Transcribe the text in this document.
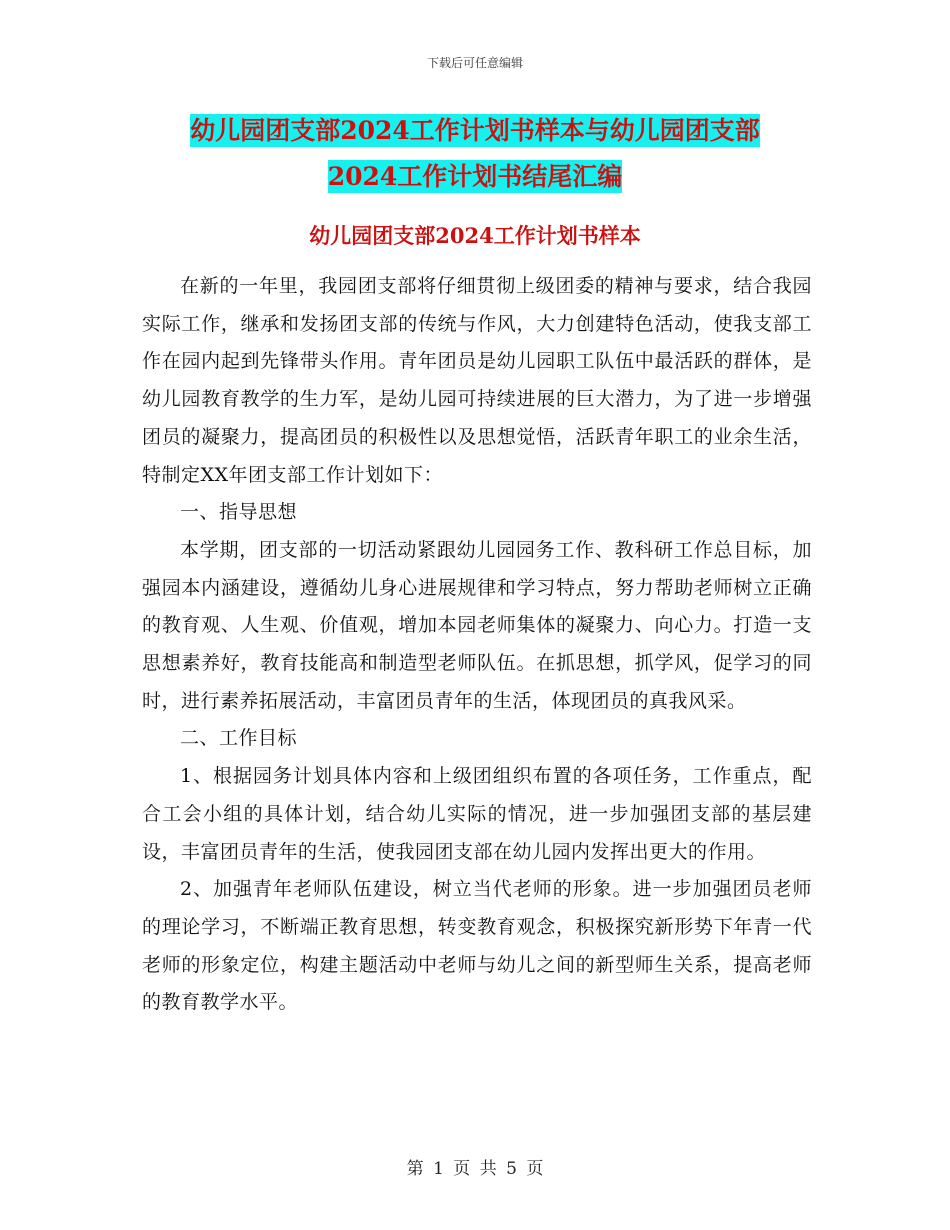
下载后可任意编辑
幼儿园团支部2024工作计划书样本与幼儿园团支部
2024工作计划书结尾汇编
幼儿园团支部2024工作计划书样本

在新的一年里，我园团支部将仔细贯彻上级团委的精神与要求，结合我园实际工作，继承和发扬团支部的传统与作风，大力创建特色活动，使我支部工作在园内起到先锋带头作用。青年团员是幼儿园职工队伍中最活跃的群体，是幼儿园教育教学的生力军，是幼儿园可持续进展的巨大潜力，为了进一步增强团员的凝聚力，提高团员的积极性以及思想觉悟，活跃青年职工的业余生活，特制定XX年团支部工作计划如下：

一、指导思想

本学期，团支部的一切活动紧跟幼儿园园务工作、教科研工作总目标，加强园本内涵建设，遵循幼儿身心进展规律和学习特点，努力帮助老师树立正确的教育观、人生观、价值观，增加本园老师集体的凝聚力、向心力。打造一支思想素养好，教育技能高和制造型老师队伍。在抓思想，抓学风，促学习的同时，进行素养拓展活动，丰富团员青年的生活，体现团员的真我风采。

二、工作目标

1、根据园务计划具体内容和上级团组织布置的各项任务，工作重点，配合工会小组的具体计划，结合幼儿实际的情况，进一步加强团支部的基层建设，丰富团员青年的生活，使我园团支部在幼儿园内发挥出更大的作用。

2、加强青年老师队伍建设，树立当代老师的形象。进一步加强团员老师的理论学习，不断端正教育思想，转变教育观念，积极探究新形势下年青一代老师的形象定位，构建主题活动中老师与幼儿之间的新型师生关系，提高老师的教育教学水平。

第 1 页 共 5 页
